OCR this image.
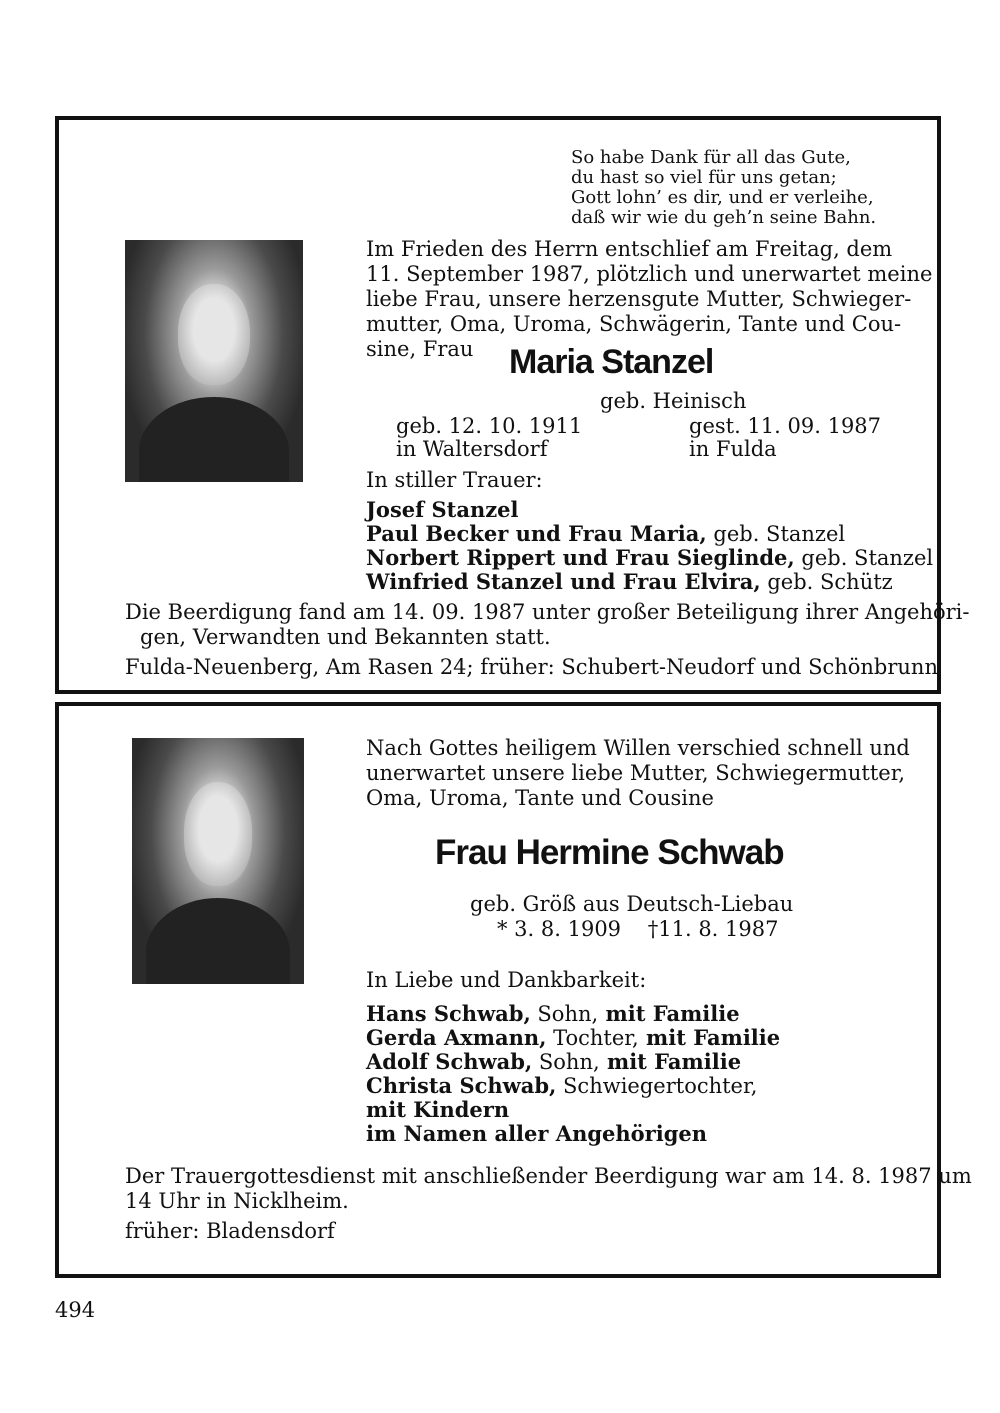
So habe Dank für all das Gute,
du hast so viel für uns getan;
Gott lohn’ es dir, und er verleihe,
daß wir wie du geh’n seine Bahn.
Im Frieden des Herrn entschlief am Freitag, dem
11. September 1987, plötzlich und unerwartet meine
liebe Frau, unsere herzensgute Mutter, Schwieger-
mutter, Oma, Uroma, Schwägerin, Tante und Cou-
sine, Frau Maria Stanzel
geb. Heinisch
geb. 12. 10. 1911	gest. 11. 09. 1987
in Waltersdorf	in Fulda
In stiller Trauer:
Josef Stanzel
Paul Becker und Frau Maria, geb. Stanzel
Norbert Rippert und Frau Sieglinde, geb. Stanzel
Winfried Stanzel und Frau Elvira, geb. Schütz
Die Beerdigung fand am 14. 09. 1987 unter großer Beteiligung ihrer Angehöri-
gen, Verwandten und Bekannten statt.
Fulda-Neuenberg, Am Rasen 24; früher: Schubert-Neudorf und Schönbrunn
Nach Gottes heiligem Willen verschied schnell und
unerwartet unsere liebe Mutter, Schwiegermutter,
Oma, Uroma, Tante und Cousine
Frau Hermine Schwab
geb. Größ aus Deutsch-Liebau
* 3. 8. 1909    †11. 8. 1987
In Liebe und Dankbarkeit:
Hans Schwab, Sohn, mit Familie
Gerda Axmann, Tochter, mit Familie
Adolf Schwab, Sohn, mit Familie
Christa Schwab, Schwiegertochter,
mit Kindern
im Namen aller Angehörigen
Der Trauergottesdienst mit anschließender Beerdigung war am 14. 8. 1987 um
14 Uhr in Nicklheim.
früher: Bladensdorf
494
